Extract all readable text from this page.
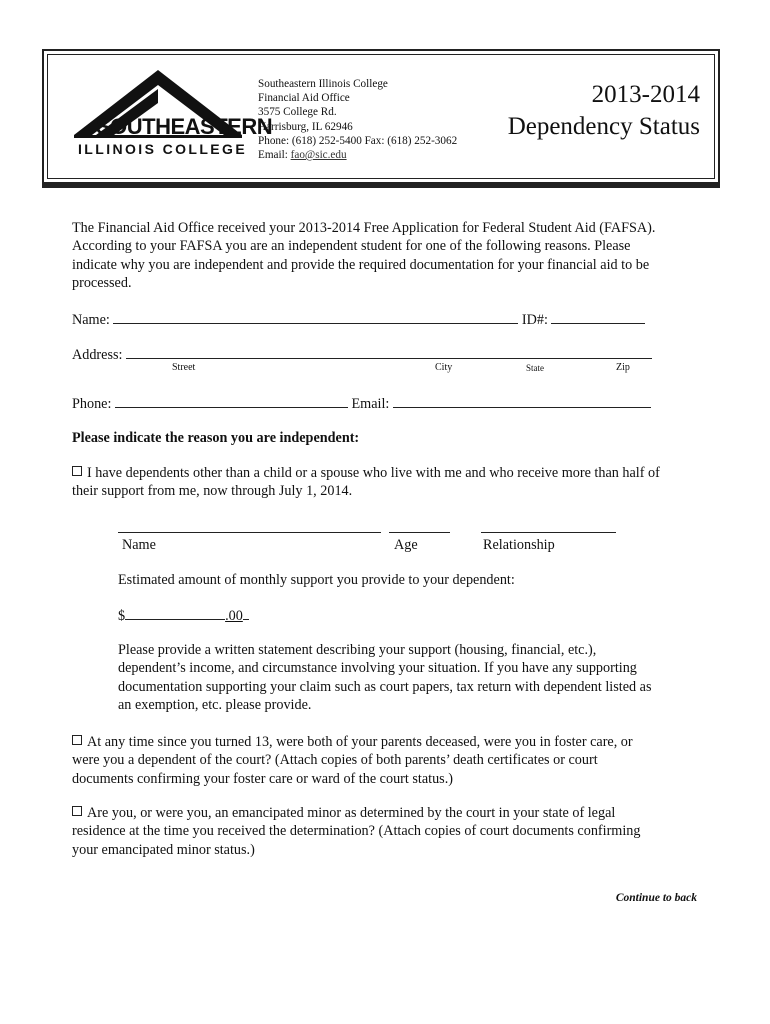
SOUTHEASTERN
ILLINOIS COLLEGE
Southeastern Illinois College
Financial Aid Office
3575 College Rd.
Harrisburg, IL 62946
Phone: (618) 252-5400 Fax: (618) 252-3062
Email: fao@sic.edu
2013-2014
Dependency Status
The Financial Aid Office received your 2013-2014 Free Application for Federal Student Aid (FAFSA).
According to your FAFSA you are an independent student for one of the following reasons. Please
indicate why you are independent and provide the required documentation for your financial aid to be
processed.
Name:	ID#:
Address:
Street	City	State	Zip
Phone:	Email:
Please indicate the reason you are independent:
I have dependents other than a child or a spouse who live with me and who receive more than half of
their support from me, now through July 1, 2014.
Name	Age	Relationship
Estimated amount of monthly support you provide to your dependent:
$	.00
Please provide a written statement describing your support (housing, financial, etc.),
dependent’s income, and circumstance involving your situation. If you have any supporting
documentation supporting your claim such as court papers, tax return with dependent listed as
an exemption, etc. please provide.
At any time since you turned 13, were both of your parents deceased, were you in foster care, or
were you a dependent of the court? (Attach copies of both parents’ death certificates or court
documents confirming your foster care or ward of the court status.)
Are you, or were you, an emancipated minor as determined by the court in your state of legal
residence at the time you received the determination? (Attach copies of court documents confirming
your emancipated minor status.)
Continue to back
